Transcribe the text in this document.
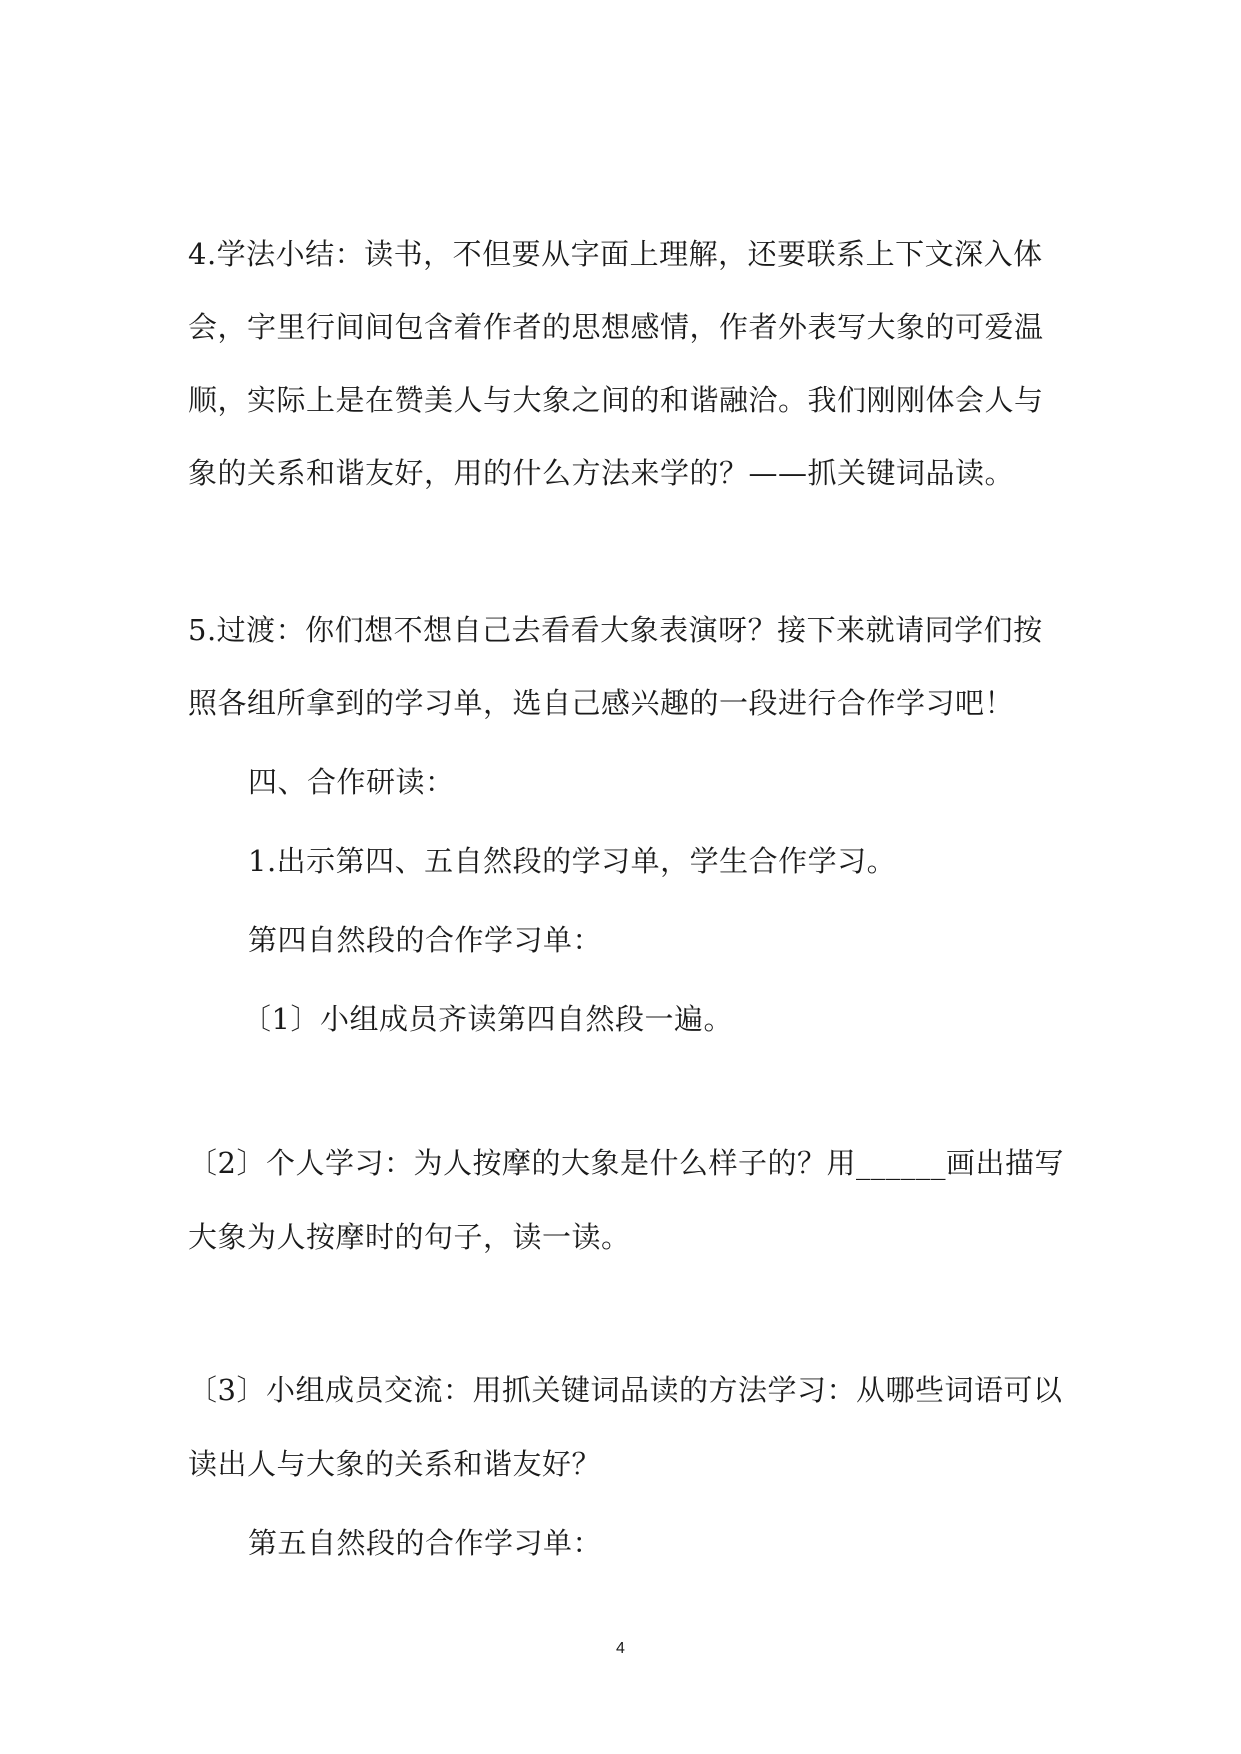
4.学法小结：读书，不但要从字面上理解，还要联系上下文深入体
会，字里行间间包含着作者的思想感情，作者外表写大象的可爱温
顺，实际上是在赞美人与大象之间的和谐融洽。我们刚刚体会人与
象的关系和谐友好，用的什么方法来学的？——抓关键词品读。
5.过渡：你们想不想自己去看看大象表演呀？接下来就请同学们按
照各组所拿到的学习单，选自己感兴趣的一段进行合作学习吧！
四、合作研读：
1.出示第四、五自然段的学习单，学生合作学习。
第四自然段的合作学习单：
〔1〕小组成员齐读第四自然段一遍。
〔2〕个人学习：为人按摩的大象是什么样子的？用______画出描写
大象为人按摩时的句子，读一读。
〔3〕小组成员交流：用抓关键词品读的方法学习：从哪些词语可以
读出人与大象的关系和谐友好？
第五自然段的合作学习单：
4
